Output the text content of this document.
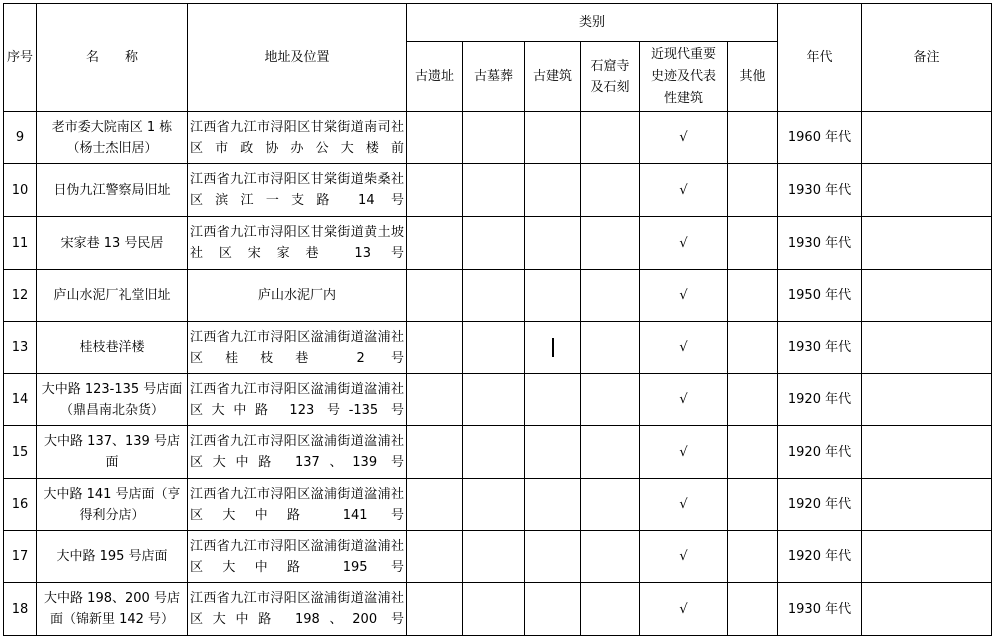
序号	名　　称	地址及位置	类别						年代	备注
			古遗址	古墓葬	古建筑	石窟寺及石刻	近现代重要史迹及代表性建筑	其他		
9	老市委大院南区 1 栋（杨士杰旧居）	江西省九江市浔阳区甘棠街道南司社区市政协办公大楼前					√		1960 年代	
10	日伪九江警察局旧址	江西省九江市浔阳区甘棠街道柴桑社区滨江一支路 14 号					√		1930 年代	
11	宋家巷 13 号民居	江西省九江市浔阳区甘棠街道黄土坡社区宋家巷 13 号					√		1930 年代	
12	庐山水泥厂礼堂旧址	庐山水泥厂内					√		1950 年代	
13	桂枝巷洋楼	江西省九江市浔阳区湓浦街道湓浦社区桂枝巷 2 号					√		1930 年代	
14	大中路 123-135 号店面（鼎昌南北杂货）	江西省九江市浔阳区湓浦街道湓浦社区大中路 123 号-135 号					√		1920 年代	
15	大中路 137、139 号店面	江西省九江市浔阳区湓浦街道湓浦社区大中路 137、139 号					√		1920 年代	
16	大中路 141 号店面（亨得利分店）	江西省九江市浔阳区湓浦街道湓浦社区大中路 141 号					√		1920 年代	
17	大中路 195 号店面	江西省九江市浔阳区湓浦街道湓浦社区大中路 195 号					√		1920 年代	
18	大中路 198、200 号店面（锦新里 142 号）	江西省九江市浔阳区湓浦街道湓浦社区大中路 198、200 号					√		1930 年代	
